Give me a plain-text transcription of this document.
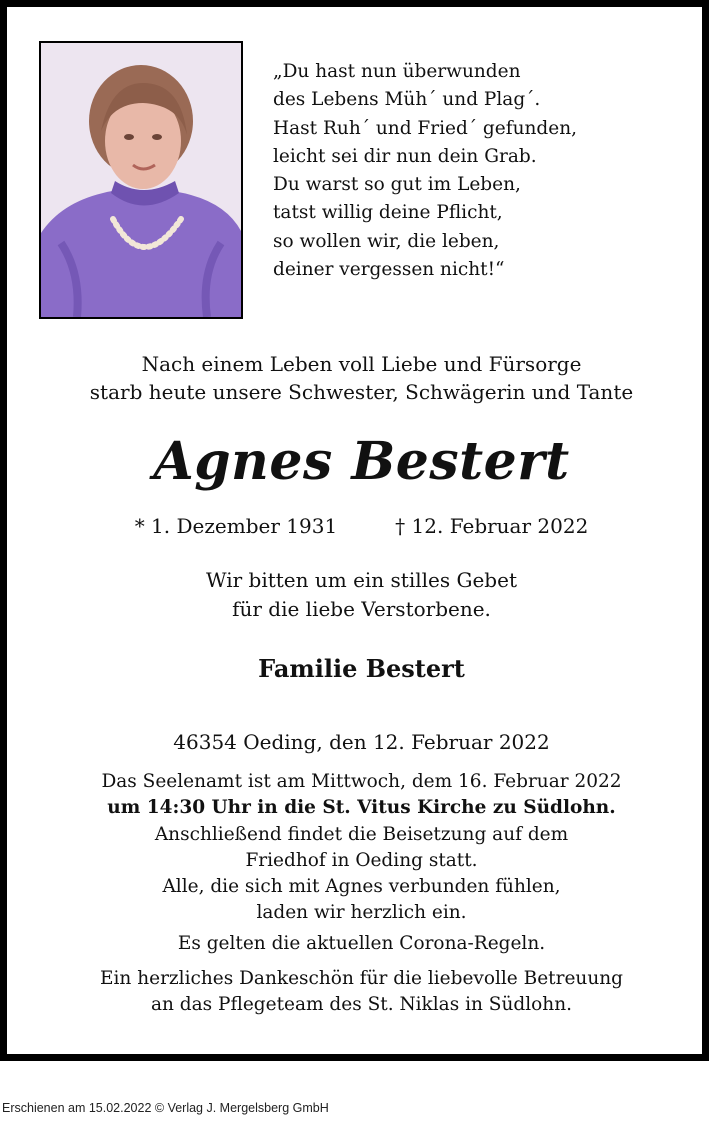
„Du hast nun überwunden
des Lebens Müh´ und Plag´.
Hast Ruh´ und Fried´ gefunden,
leicht sei dir nun dein Grab.
Du warst so gut im Leben,
tatst willig deine Pflicht,
so wollen wir, die leben,
deiner vergessen nicht!“
Nach einem Leben voll Liebe und Fürsorge
starb heute unsere Schwester, Schwägerin und Tante
Agnes Bestert
* 1. Dezember 1931	† 12. Februar 2022
Wir bitten um ein stilles Gebet
für die liebe Verstorbene.
Familie Bestert
46354 Oeding, den 12. Februar 2022
Das Seelenamt ist am Mittwoch, dem 16. Februar 2022
um 14:30 Uhr in die St. Vitus Kirche zu Südlohn.
Anschließend findet die Beisetzung auf dem
Friedhof in Oeding statt.
Alle, die sich mit Agnes verbunden fühlen,
laden wir herzlich ein.
Es gelten die aktuellen Corona-Regeln.
Ein herzliches Dankeschön für die liebevolle Betreuung
an das Pflegeteam des St. Niklas in Südlohn.
Erschienen am 15.02.2022 © Verlag J. Mergelsberg GmbH
